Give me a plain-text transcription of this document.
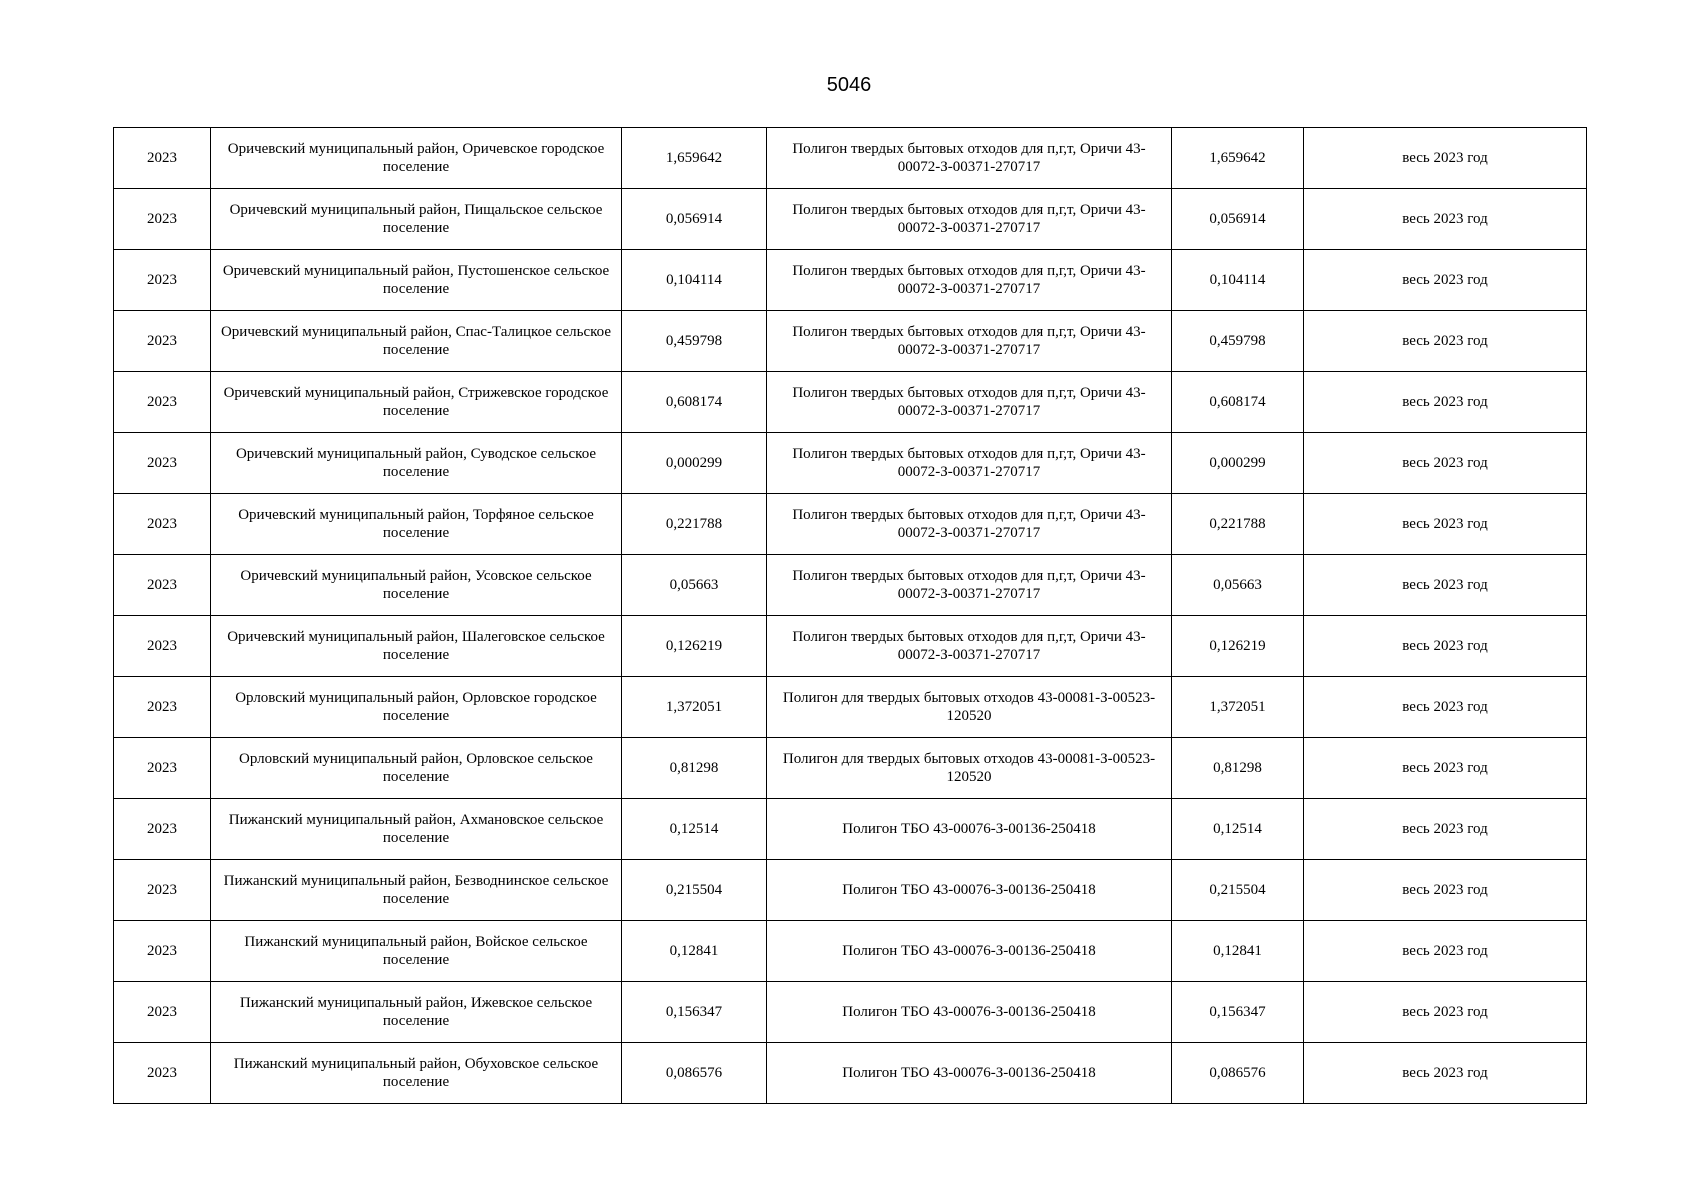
5046
2023	Оричевский муниципальный район, Оричевское городское поселение	1,659642	Полигон твердых бытовых отходов для п,г,т, Оричи 43-00072-З-00371-270717	1,659642	весь 2023 год
2023	Оричевский муниципальный район, Пищальское сельское поселение	0,056914	Полигон твердых бытовых отходов для п,г,т, Оричи 43-00072-З-00371-270717	0,056914	весь 2023 год
2023	Оричевский муниципальный район, Пустошенское сельское поселение	0,104114	Полигон твердых бытовых отходов для п,г,т, Оричи 43-00072-З-00371-270717	0,104114	весь 2023 год
2023	Оричевский муниципальный район, Спас-Талицкое сельское поселение	0,459798	Полигон твердых бытовых отходов для п,г,т, Оричи 43-00072-З-00371-270717	0,459798	весь 2023 год
2023	Оричевский муниципальный район, Стрижевское городское поселение	0,608174	Полигон твердых бытовых отходов для п,г,т, Оричи 43-00072-З-00371-270717	0,608174	весь 2023 год
2023	Оричевский муниципальный район, Суводское сельское поселение	0,000299	Полигон твердых бытовых отходов для п,г,т, Оричи 43-00072-З-00371-270717	0,000299	весь 2023 год
2023	Оричевский муниципальный район, Торфяное сельское поселение	0,221788	Полигон твердых бытовых отходов для п,г,т, Оричи 43-00072-З-00371-270717	0,221788	весь 2023 год
2023	Оричевский муниципальный район, Усовское сельское поселение	0,05663	Полигон твердых бытовых отходов для п,г,т, Оричи 43-00072-З-00371-270717	0,05663	весь 2023 год
2023	Оричевский муниципальный район, Шалеговское сельское поселение	0,126219	Полигон твердых бытовых отходов для п,г,т, Оричи 43-00072-З-00371-270717	0,126219	весь 2023 год
2023	Орловский муниципальный район, Орловское городское поселение	1,372051	Полигон для твердых бытовых отходов 43-00081-З-00523-120520	1,372051	весь 2023 год
2023	Орловский муниципальный район, Орловское сельское поселение	0,81298	Полигон для твердых бытовых отходов 43-00081-З-00523-120520	0,81298	весь 2023 год
2023	Пижанский муниципальный район, Ахмановское сельское поселение	0,12514	Полигон ТБО 43-00076-З-00136-250418	0,12514	весь 2023 год
2023	Пижанский муниципальный район, Безводнинское сельское поселение	0,215504	Полигон ТБО 43-00076-З-00136-250418	0,215504	весь 2023 год
2023	Пижанский муниципальный район, Войское сельское поселение	0,12841	Полигон ТБО 43-00076-З-00136-250418	0,12841	весь 2023 год
2023	Пижанский муниципальный район, Ижевское сельское поселение	0,156347	Полигон ТБО 43-00076-З-00136-250418	0,156347	весь 2023 год
2023	Пижанский муниципальный район, Обуховское сельское поселение	0,086576	Полигон ТБО 43-00076-З-00136-250418	0,086576	весь 2023 год
